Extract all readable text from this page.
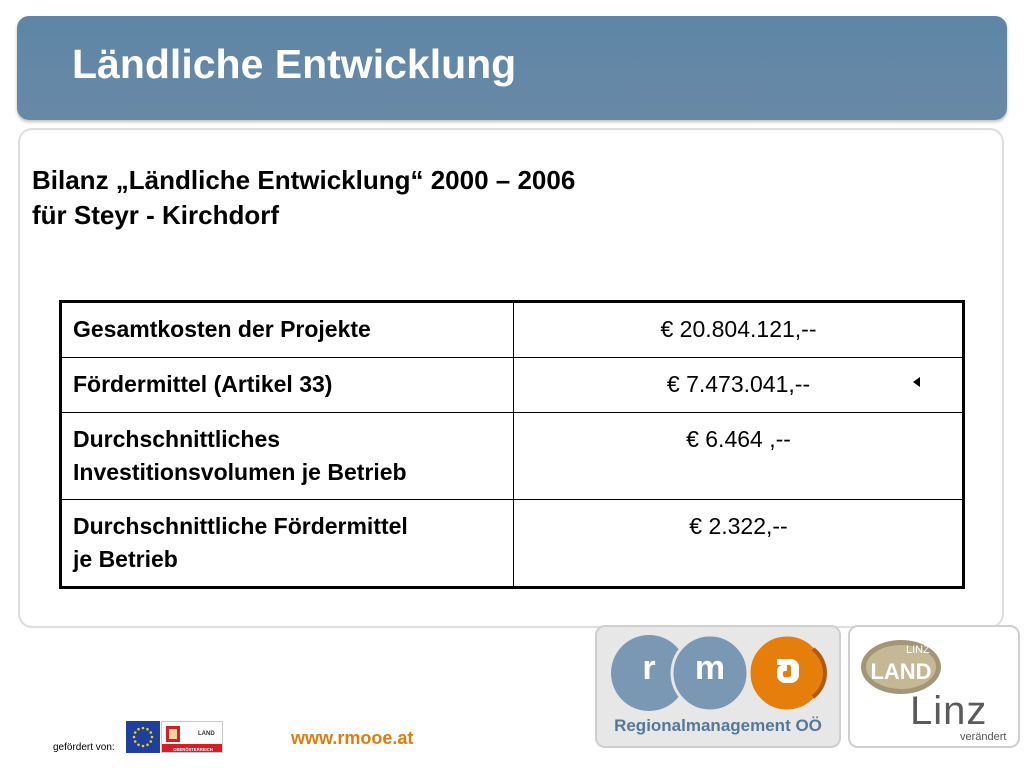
Ländliche Entwicklung
Bilanz „Ländliche Entwicklung“ 2000 – 2006
für Steyr - Kirchdorf
Gesamtkosten der Projekte	€ 20.804.121,--
Fördermittel (Artikel 33)	€ 7.473.041,--

Durchschnittliches
Investitionsvolumen je Betrieb	€ 6.464 ,--

Durchschnittliche Fördermittel
je Betrieb	€ 2.322,--
gefördert von:
LAND
OBERÖSTERREICH
www.rmooe.at
r m
Regionalmanagement OÖ
LINZ
LAND
Linz
verändert
